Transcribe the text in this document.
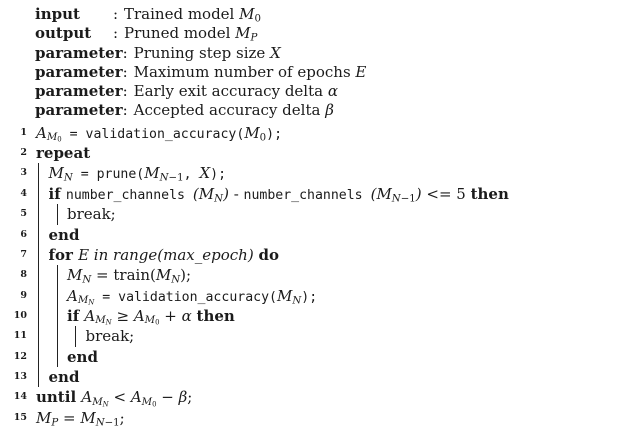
input	: Trained model $M_0$
output	: Pruned model $M_P$
parameter : Pruning step size X
parameter : Maximum number of epochs E
parameter : Early exit accuracy delta α
parameter : Accepted accuracy delta β
1 $A_{M_0}$ = $validation\_accuracy(M_0)$;
2 repeat
3 $M_N$ = $prune(M_{N-1}$, X);
4 if number_channels $(M_N)$ - number_channels $(M_{N-1}) <= 5$ then
5	break;
6 end
7 for E in range(max_epoch) do
8	$M_N$ = $train(M_N)$;
9	$A_{M_N}$ = $validation\_accuracy(M_N)$;
10	if $A_{M_N} \ge A_{M_0} + \alpha$ then
11	break;
12	end
13 end
14 until $A_{M_N} < A_{M_0} - \beta$;
15 $M_P = M_{N-1}$;
